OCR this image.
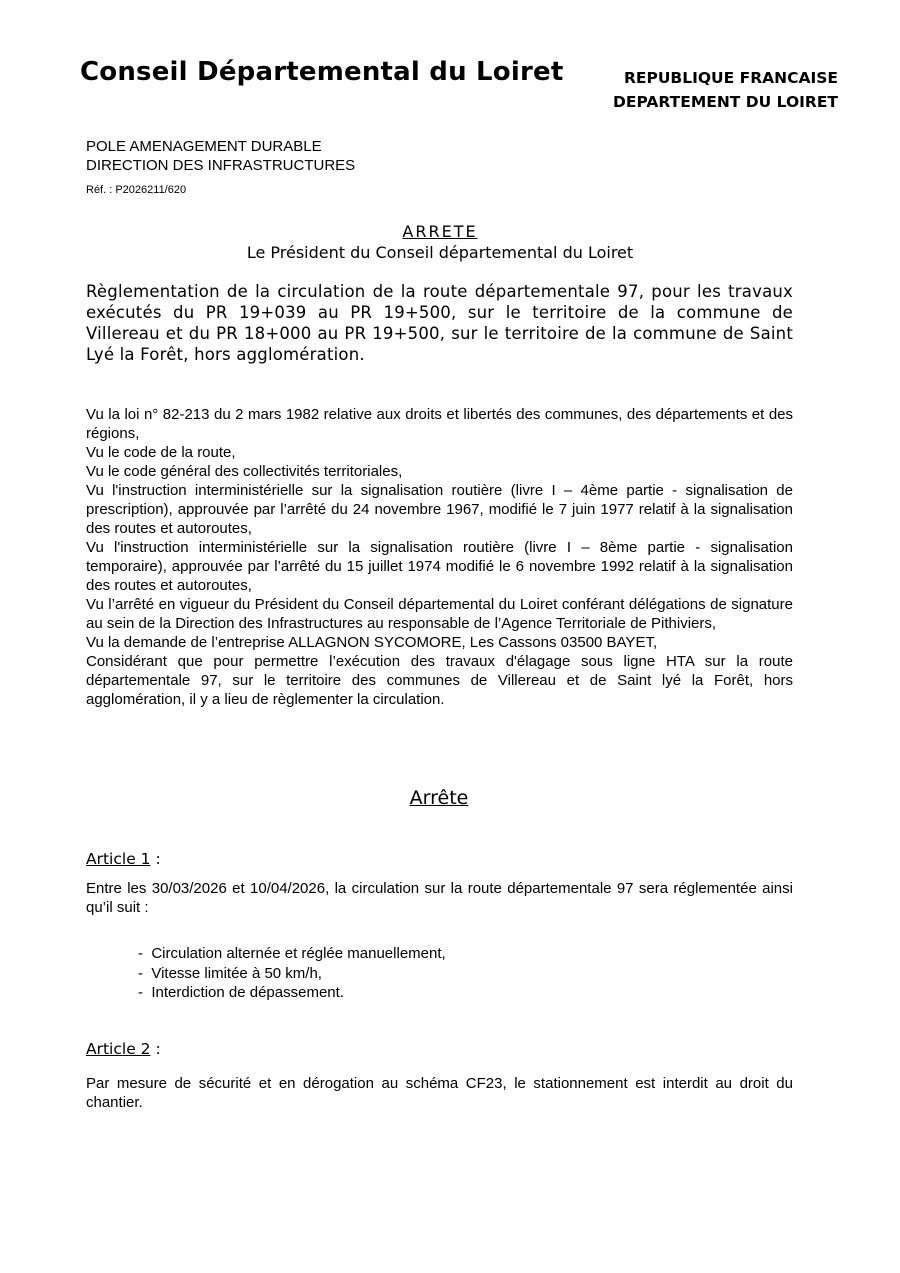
Conseil Départemental du Loiret	REPUBLIQUE FRANCAISE
DEPARTEMENT DU LOIRET
POLE AMENAGEMENT DURABLE
DIRECTION DES INFRASTRUCTURES
Réf. : P2026211/620
ARRETE
Le Président du Conseil départemental du Loiret
Règlementation de la circulation de la route départementale 97, pour les travaux exécutés du PR 19+039 au PR 19+500, sur le territoire de la commune de Villereau et du PR 18+000 au PR 19+500, sur le territoire de la commune de Saint Lyé la Forêt, hors agglomération.

Vu la loi n° 82-213 du 2 mars 1982 relative aux droits et libertés des communes, des départements et des régions,

Vu le code de la route,

Vu le code général des collectivités territoriales,

Vu l'instruction interministérielle sur la signalisation routière (livre I – 4ème partie - signalisation de prescription), approuvée par l’arrêté du 24 novembre 1967, modifié le 7 juin 1977 relatif à la signalisation des routes et autoroutes,

Vu l'instruction interministérielle sur la signalisation routière (livre I – 8ème partie - signalisation temporaire), approuvée par l’arrêté du 15 juillet 1974 modifié le 6 novembre 1992 relatif à la signalisation des routes et autoroutes,

Vu l’arrêté en vigueur du Président du Conseil départemental du Loiret conférant délégations de signature au sein de la Direction des Infrastructures au responsable de l’Agence Territoriale de Pithiviers,

Vu la demande de l’entreprise ALLAGNON SYCOMORE, Les Cassons 03500 BAYET,

Considérant que pour permettre l’exécution des travaux d'élagage sous ligne HTA sur la route départementale 97, sur le territoire des communes de Villereau et de Saint lyé la Forêt, hors agglomération, il y a lieu de règlementer la circulation.

Arrête
Article 1 :
Entre les 30/03/2026 et 10/04/2026, la circulation sur la route départementale 97 sera réglementée ainsi qu’il suit :
-  Circulation alternée et réglée manuellement,
-  Vitesse limitée à 50 km/h,
-  Interdiction de dépassement.
Article 2 :
Par mesure de sécurité et en dérogation au schéma CF23, le stationnement est interdit au droit du chantier.
